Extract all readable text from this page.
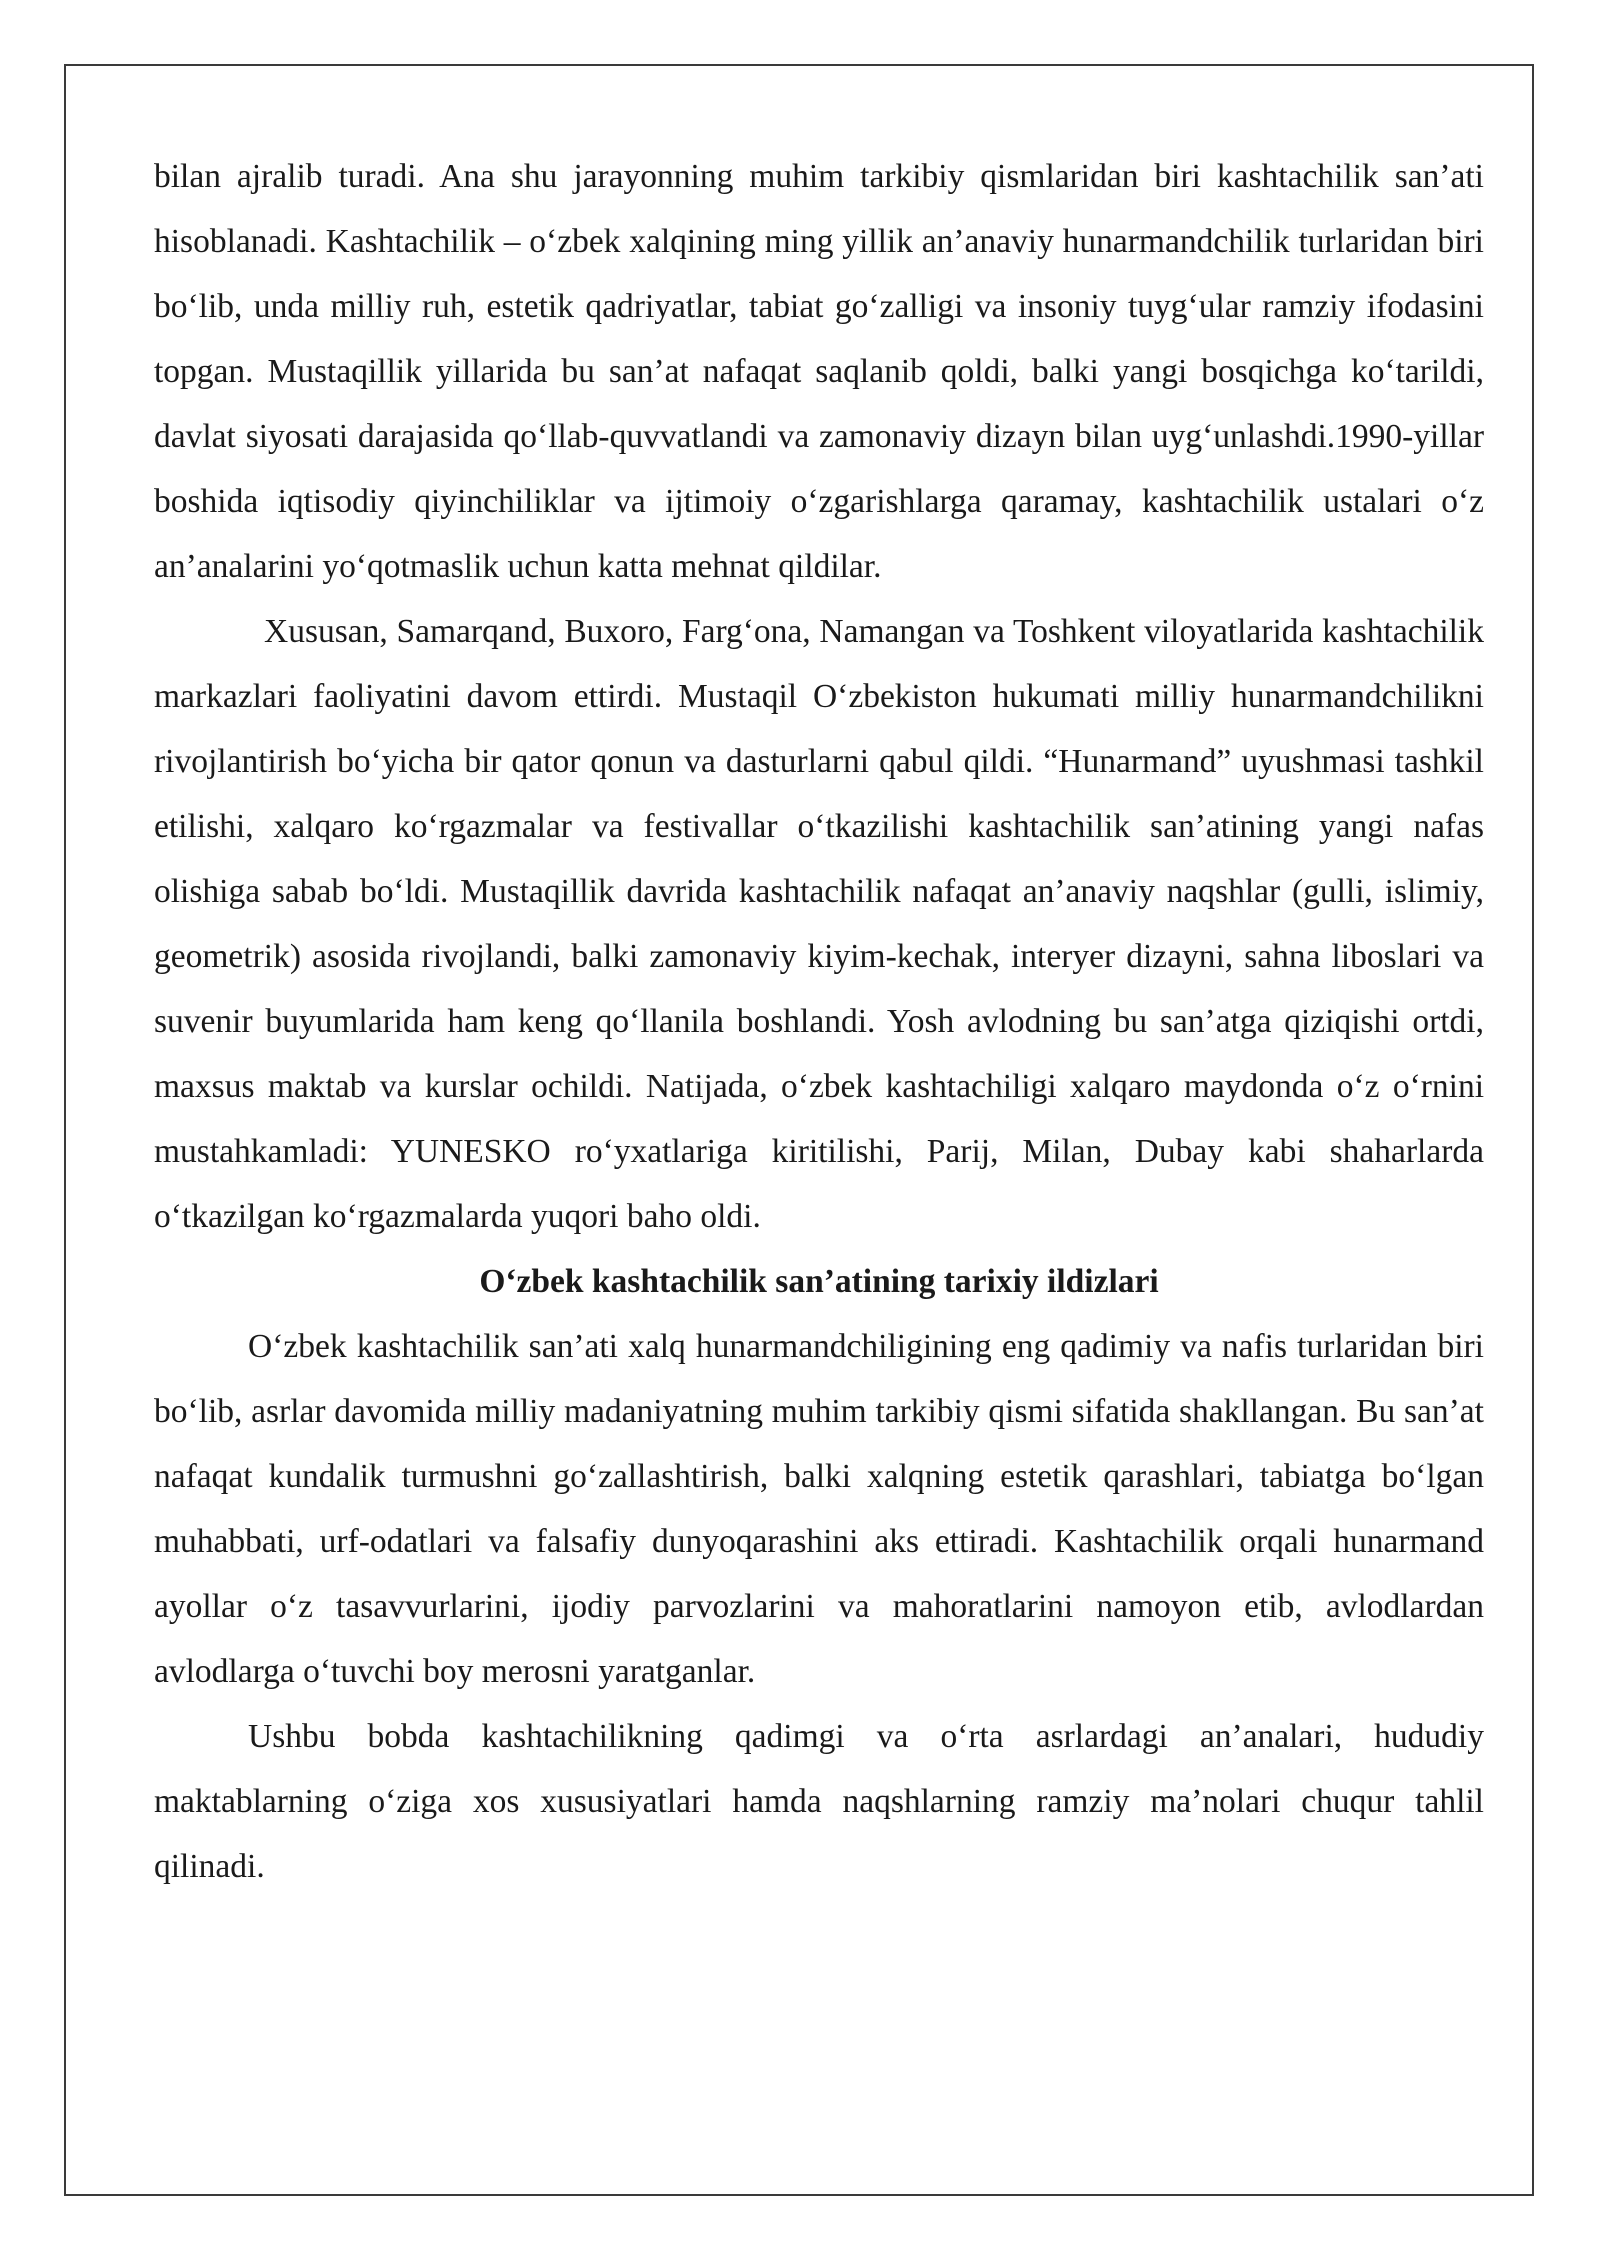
bilan ajralib turadi. Ana shu jarayonning muhim tarkibiy qismlaridan biri kashtachilik san’ati hisoblanadi. Kashtachilik – o‘zbek xalqining ming yillik an’anaviy hunarmandchilik turlaridan biri bo‘lib, unda milliy ruh, estetik qadriyatlar, tabiat go‘zalligi va insoniy tuyg‘ular ramziy ifodasini topgan. Mustaqillik yillarida bu san’at nafaqat saqlanib qoldi, balki yangi bosqichga ko‘tarildi, davlat siyosati darajasida qo‘llab-quvvatlandi va zamonaviy dizayn bilan uyg‘unlashdi.1990-yillar boshida iqtisodiy qiyinchiliklar va ijtimoiy o‘zgarishlarga qaramay, kashtachilik ustalari o‘z an’analarini yo‘qotmaslik uchun katta mehnat qildilar.

Xususan, Samarqand, Buxoro, Farg‘ona, Namangan va Toshkent viloyatlarida kashtachilik markazlari faoliyatini davom ettirdi. Mustaqil O‘zbekiston hukumati milliy hunarmandchilikni rivojlantirish bo‘yicha bir qator qonun va dasturlarni qabul qildi. “Hunarmand” uyushmasi tashkil etilishi, xalqaro ko‘rgazmalar va festivallar o‘tkazilishi kashtachilik san’atining yangi nafas olishiga sabab bo‘ldi. Mustaqillik davrida kashtachilik nafaqat an’anaviy naqshlar (gulli, islimiy, geometrik) asosida rivojlandi, balki zamonaviy kiyim-kechak, interyer dizayni, sahna liboslari va suvenir buyumlarida ham keng qo‘llanila boshlandi. Yosh avlodning bu san’atga qiziqishi ortdi, maxsus maktab va kurslar ochildi. Natijada, o‘zbek kashtachiligi xalqaro maydonda o‘z o‘rnini mustahkamladi: YUNESKO ro‘yxatlariga kiritilishi, Parij, Milan, Dubay kabi shaharlarda o‘tkazilgan ko‘rgazmalarda yuqori baho oldi.

O‘zbek kashtachilik san’atining tarixiy ildizlari

O‘zbek kashtachilik san’ati xalq hunarmandchiligining eng qadimiy va nafis turlaridan biri bo‘lib, asrlar davomida milliy madaniyatning muhim tarkibiy qismi sifatida shakllangan. Bu san’at nafaqat kundalik turmushni go‘zallashtirish, balki xalqning estetik qarashlari, tabiatga bo‘lgan muhabbati, urf-odatlari va falsafiy dunyoqarashini aks ettiradi. Kashtachilik orqali hunarmand ayollar o‘z tasavvurlarini, ijodiy parvozlarini va mahoratlarini namoyon etib, avlodlardan avlodlarga o‘tuvchi boy merosni yaratganlar.

Ushbu bobda kashtachilikning qadimgi va o‘rta asrlardagi an’analari, hududiy maktablarning o‘ziga xos xususiyatlari hamda naqshlarning ramziy ma’nolari chuqur tahlil qilinadi.
